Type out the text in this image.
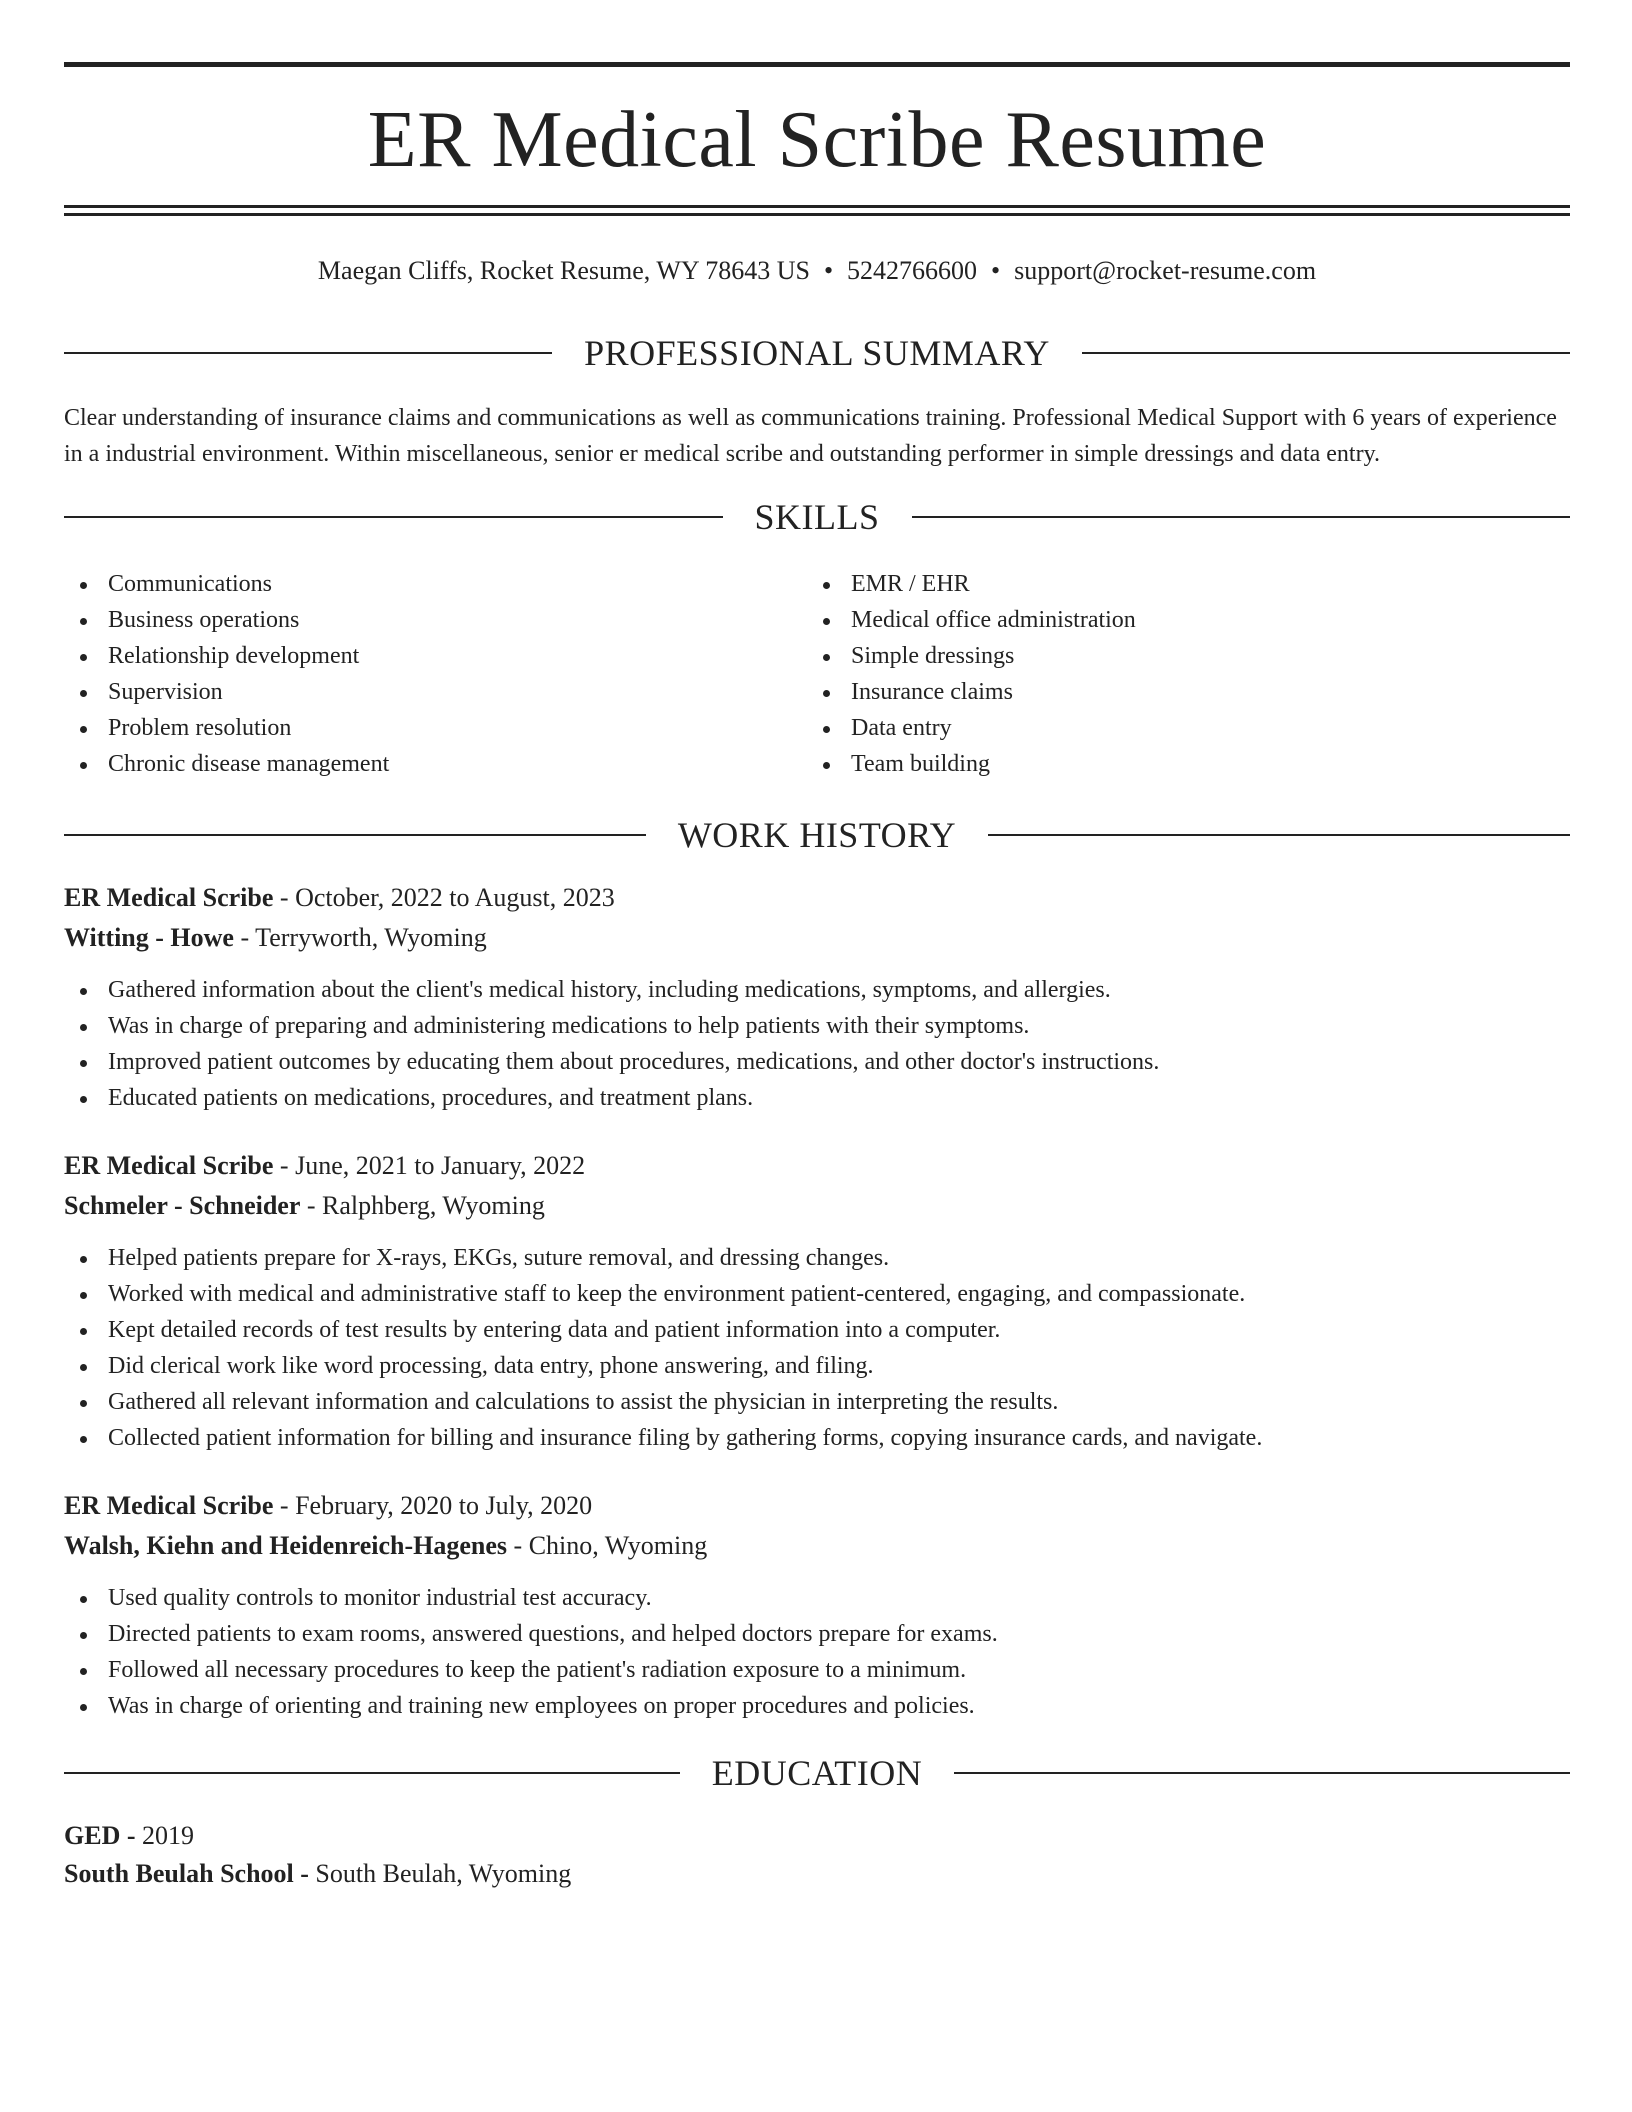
ER Medical Scribe Resume
Maegan Cliffs, Rocket Resume, WY 78643 US • 5242766600 • support@rocket-resume.com
PROFESSIONAL SUMMARY

Clear understanding of insurance claims and communications as well as communications training. Professional Medical Support with 6 years of experience in a industrial environment. Within miscellaneous, senior er medical scribe and outstanding performer in simple dressings and data entry.

SKILLS
Communications
Business operations
Relationship development
Supervision
Problem resolution
Chronic disease management
EMR / EHR
Medical office administration
Simple dressings
Insurance claims
Data entry
Team building
WORK HISTORY
ER Medical Scribe - October, 2022 to August, 2023
Witting - Howe - Terryworth, Wyoming
Gathered information about the client's medical history, including medications, symptoms, and allergies.
Was in charge of preparing and administering medications to help patients with their symptoms.
Improved patient outcomes by educating them about procedures, medications, and other doctor's instructions.
Educated patients on medications, procedures, and treatment plans.
ER Medical Scribe - June, 2021 to January, 2022
Schmeler - Schneider - Ralphberg, Wyoming
Helped patients prepare for X-rays, EKGs, suture removal, and dressing changes.
Worked with medical and administrative staff to keep the environment patient-centered, engaging, and compassionate.
Kept detailed records of test results by entering data and patient information into a computer.
Did clerical work like word processing, data entry, phone answering, and filing.
Gathered all relevant information and calculations to assist the physician in interpreting the results.
Collected patient information for billing and insurance filing by gathering forms, copying insurance cards, and navigate.
ER Medical Scribe - February, 2020 to July, 2020
Walsh, Kiehn and Heidenreich-Hagenes - Chino, Wyoming
Used quality controls to monitor industrial test accuracy.
Directed patients to exam rooms, answered questions, and helped doctors prepare for exams.
Followed all necessary procedures to keep the patient's radiation exposure to a minimum.
Was in charge of orienting and training new employees on proper procedures and policies.
EDUCATION
GED - 2019
South Beulah School - South Beulah, Wyoming
